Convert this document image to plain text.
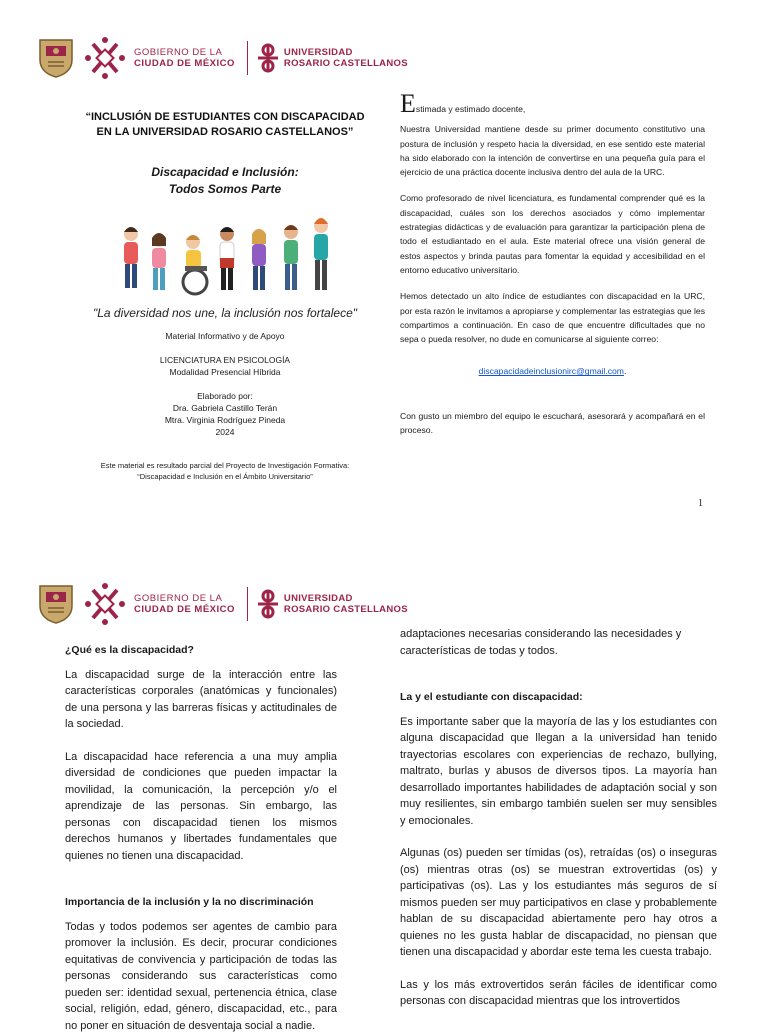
GOBIERNO DE LA
CIUDAD DE MÉXICO
UNIVERSIDAD
ROSARIO CASTELLANOS
“INCLUSIÓN DE ESTUDIANTES CON DISCAPACIDAD
EN LA UNIVERSIDAD ROSARIO CASTELLANOS”
Discapacidad e Inclusión:
Todos Somos Parte
"La diversidad nos une, la inclusión nos fortalece"
Material Informativo y de Apoyo
LICENCIATURA EN PSICOLOGÍA
Modalidad Presencial Híbrida
Elaborado por:
Dra. Gabriela Castillo Terán
Mtra. Virginia Rodríguez Pineda
2024
Este material es resultado parcial del Proyecto de Investigación Formativa:
“Discapacidad e Inclusión en el Ámbito Universitario”
Estimada y estimado docente,

Nuestra Universidad mantiene desde su primer documento constitutivo una postura de inclusión y respeto hacia la diversidad, en ese sentido este material ha sido elaborado con la intención de convertirse en una pequeña guía para el ejercicio de una práctica docente inclusiva dentro del aula de la URC.

Como profesorado de nivel licenciatura, es fundamental comprender qué es la discapacidad, cuáles son los derechos asociados y cómo implementar estrategias didácticas y de evaluación para garantizar la participación plena de todo el estudiantado en el aula. Este material ofrece una visión general de estos aspectos y brinda pautas para fomentar la equidad y accesibilidad en el entorno educativo universitario.

Hemos detectado un alto índice de estudiantes con discapacidad en la URC, por esta razón le invitamos a apropiarse y complementar las estrategias que les compartimos a continuación. En caso de que encuentre dificultades que no sepa o pueda resolver, no dude en comunicarse al siguiente correo:

discapacidadeinclusionirc@gmail.com.

Con gusto un miembro del equipo le escuchará, asesorará y acompañará en el proceso.

1
GOBIERNO DE LA
CIUDAD DE MÉXICO
UNIVERSIDAD
ROSARIO CASTELLANOS
¿Qué es la discapacidad?

La discapacidad surge de la interacción entre las características corporales (anatómicas y funcionales) de una persona y las barreras físicas y actitudinales de la sociedad.

La discapacidad hace referencia a una muy amplia diversidad de condiciones que pueden impactar la movilidad, la comunicación, la percepción y/o el aprendizaje de las personas. Sin embargo, las personas con discapacidad tienen los mismos derechos humanos y libertades fundamentales que quienes no tienen una discapacidad.

Importancia de la inclusión y la no discriminación

Todas y todos podemos ser agentes de cambio para promover la inclusión. Es decir, procurar condiciones equitativas de convivencia y participación de todas las personas considerando sus características como pueden ser: identidad sexual, pertenencia étnica, clase social, religión, edad, género, discapacidad, etc., para no poner en situación de desventaja social a nadie.

adaptaciones necesarias considerando las necesidades y características de todas y todos.

La y el estudiante con discapacidad:

Es importante saber que la mayoría de las y los estudiantes con alguna discapacidad que llegan a la universidad han tenido trayectorias escolares con experiencias de rechazo, bullying, maltrato, burlas y abusos de diversos tipos. La mayoría han desarrollado importantes habilidades de adaptación social y son muy resilientes, sin embargo también suelen ser muy sensibles y emocionales.

Algunas (os) pueden ser tímidas (os), retraídas (os) o inseguras (os) mientras otras (os) se muestran extrovertidas (os) y participativas (os). Las y los estudiantes más seguros de sí mismos pueden ser muy participativos en clase y probablemente hablan de su discapacidad abiertamente pero hay otros a quienes no les gusta hablar de discapacidad, no piensan que tienen una discapacidad y abordar este tema les cuesta trabajo.

Las y los más extrovertidos serán fáciles de identificar como personas con discapacidad mientras que los introvertidos
